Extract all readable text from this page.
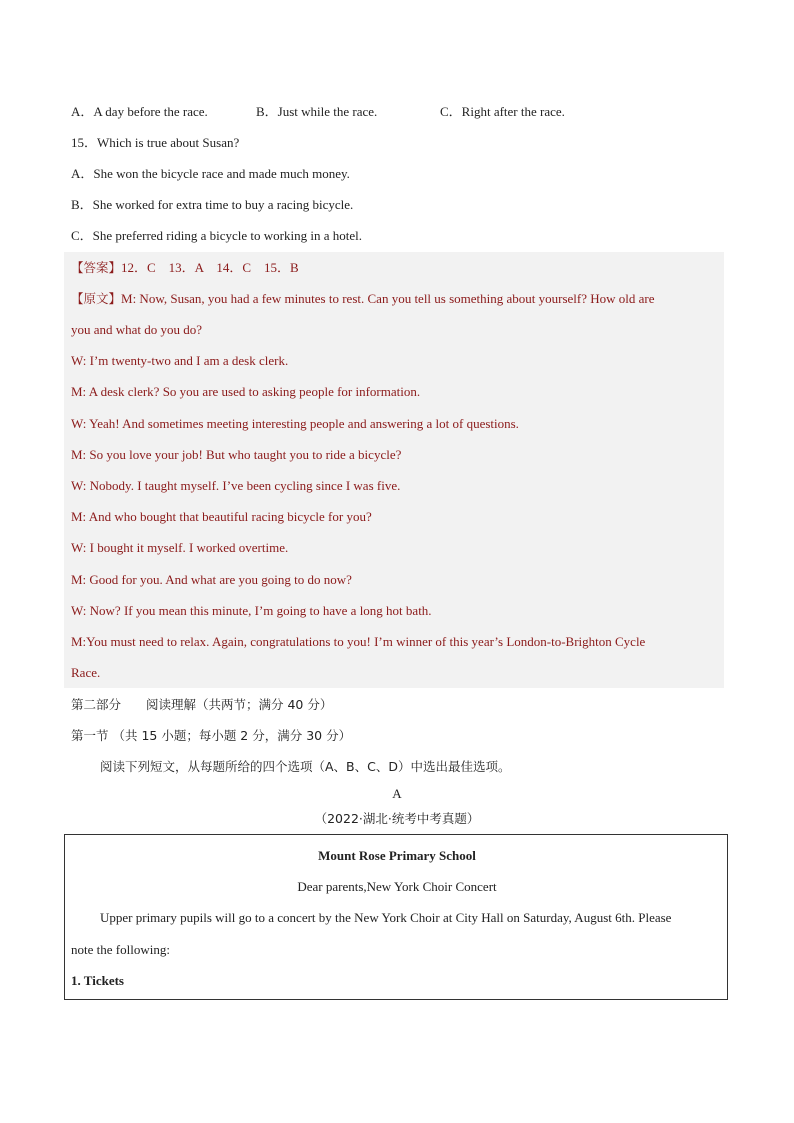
A．A day before the race.	B．Just while the race.	C．Right after the race.
15．Which is true about Susan?
A．She won the bicycle race and made much money.
B．She worked for extra time to buy a racing bicycle.
C．She preferred riding a bicycle to working in a hotel.
【答案】12．C　13．A　14．C　15．B
【原文】M: Now, Susan, you had a few minutes to rest. Can you tell us something about yourself? How old are
you and what do you do?
W: I’m twenty-two and I am a desk clerk.
M: A desk clerk? So you are used to asking people for information.
W: Yeah! And sometimes meeting interesting people and answering a lot of questions.
M: So you love your job! But who taught you to ride a bicycle?
W: Nobody. I taught myself. I’ve been cycling since I was five.
M: And who bought that beautiful racing bicycle for you?
W: I bought it myself. I worked overtime.
M: Good for you. And what are you going to do now?
W: Now? If you mean this minute, I’m going to have a long hot bath.
M:You must need to relax. Again, congratulations to you! I’m winner of this year’s London-to-Brighton Cycle
Race.
第二部分　　阅读理解（共两节；满分 40 分）
第一节 （共 15 小题；每小题 2 分，满分 30 分）
阅读下列短文，从每题所给的四个选项（A、B、C、D）中选出最佳选项。
A
（2022·湖北·统考中考真题）
Mount Rose Primary School
Dear parents,New York Choir Concert
Upper primary pupils will go to a concert by the New York Choir at City Hall on Saturday, August 6th. Please
note the following:
1. Tickets
